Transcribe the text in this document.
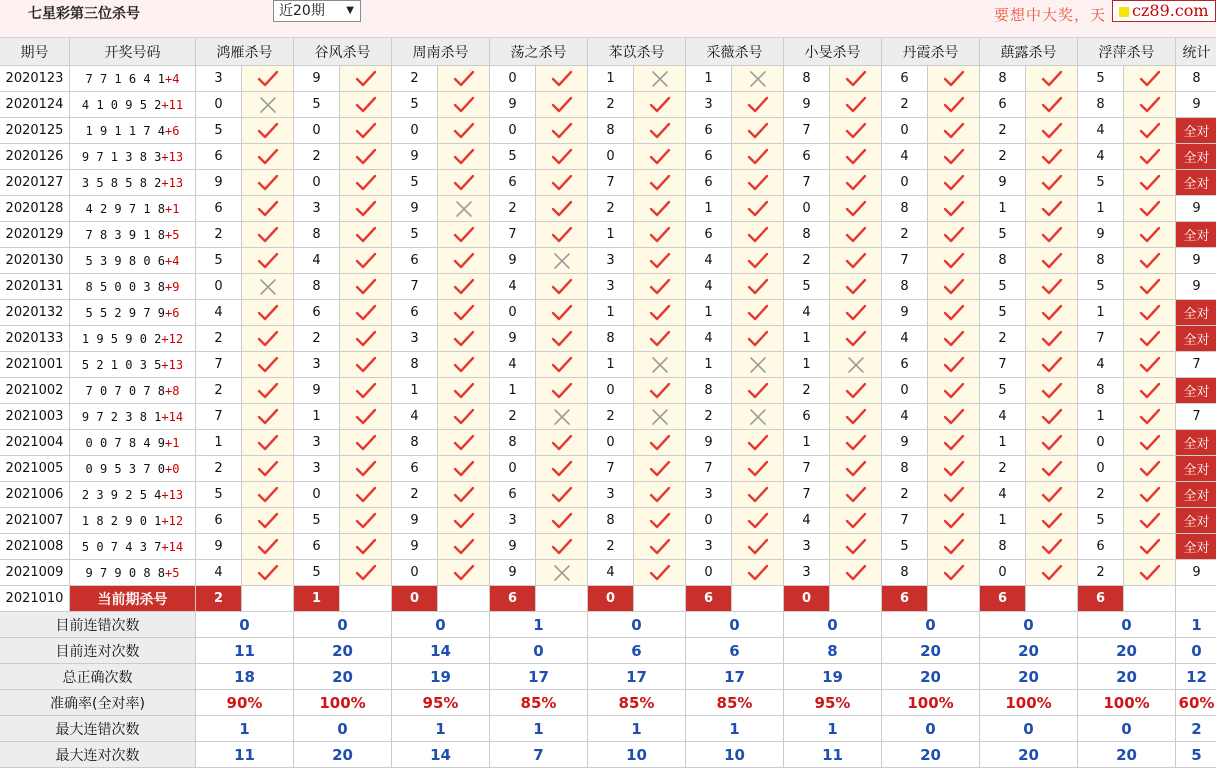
七星彩第三位杀号	近20期 ▼	要想中大奖，天	cz89.com
期号	开奖号码	鸿雁杀号	谷风杀号	周南杀号	荡之杀号	苯苡杀号	采薇杀号	小旻杀号	丹霞杀号	蕻露杀号	浮萍杀号	统计
2020123	7 7 1 6 4 1 +4	3	9	2	0	1	1	8	6	8	5	8
2020124	4 1 0 9 5 2 +11	0	5	5	9	2	3	9	2	6	8	9
2020125	1 9 1 1 7 4 +6	5	0	0	0	8	6	7	0	2	4	全对
2020126	9 7 1 3 8 3 +13	6	2	9	5	0	6	6	4	2	4	全对
2020127	3 5 8 5 8 2 +13	9	0	5	6	7	6	7	0	9	5	全对
2020128	4 2 9 7 1 8 +1	6	3	9	2	2	1	0	8	1	1	9
2020129	7 8 3 9 1 8 +5	2	8	5	7	1	6	8	2	5	9	全对
2020130	5 3 9 8 0 6 +4	5	4	6	9	3	4	2	7	8	8	9
2020131	8 5 0 0 3 8 +9	0	8	7	4	3	4	5	8	5	5	9
2020132	5 5 2 9 7 9 +6	4	6	6	0	1	1	4	9	5	1	全对
2020133	1 9 5 9 0 2 +12	2	2	3	9	8	4	1	4	2	7	全对
2021001	5 2 1 0 3 5 +13	7	3	8	4	1	1	1	6	7	4	7
2021002	7 0 7 0 7 8 +8	2	9	1	1	0	8	2	0	5	8	全对
2021003	9 7 2 3 8 1 +14	7	1	4	2	2	2	6	4	4	1	7
2021004	0 0 7 8 4 9 +1	1	3	8	8	0	9	1	9	1	0	全对
2021005	0 9 5 3 7 0 +0	2	3	6	0	7	7	7	8	2	0	全对
2021006	2 3 9 2 5 4 +13	5	0	2	6	3	3	7	2	4	2	全对
2021007	1 8 2 9 0 1 +12	6	5	9	3	8	0	4	7	1	5	全对
2021008	5 0 7 4 3 7 +14	9	6	9	9	2	3	3	5	8	6	全对
2021009	9 7 9 0 8 8 +5	4	5	0	9	4	0	3	8	0	2	9
2021010	当前期杀号	2	1	0	6	0	6	0	6	6	6
目前连错次数	0	0	0	1	0	0	0	0	0	0	1
目前连对次数	11	20	14	0	6	6	8	20	20	20	0
总正确次数	18	20	19	17	17	17	19	20	20	20	12
准确率(全对率)	90%	100%	95%	85%	85%	85%	95%	100%	100%	100%	60%
最大连错次数	1	0	1	1	1	1	1	0	0	0	2
最大连对次数	11	20	14	7	10	10	11	20	20	20	5
